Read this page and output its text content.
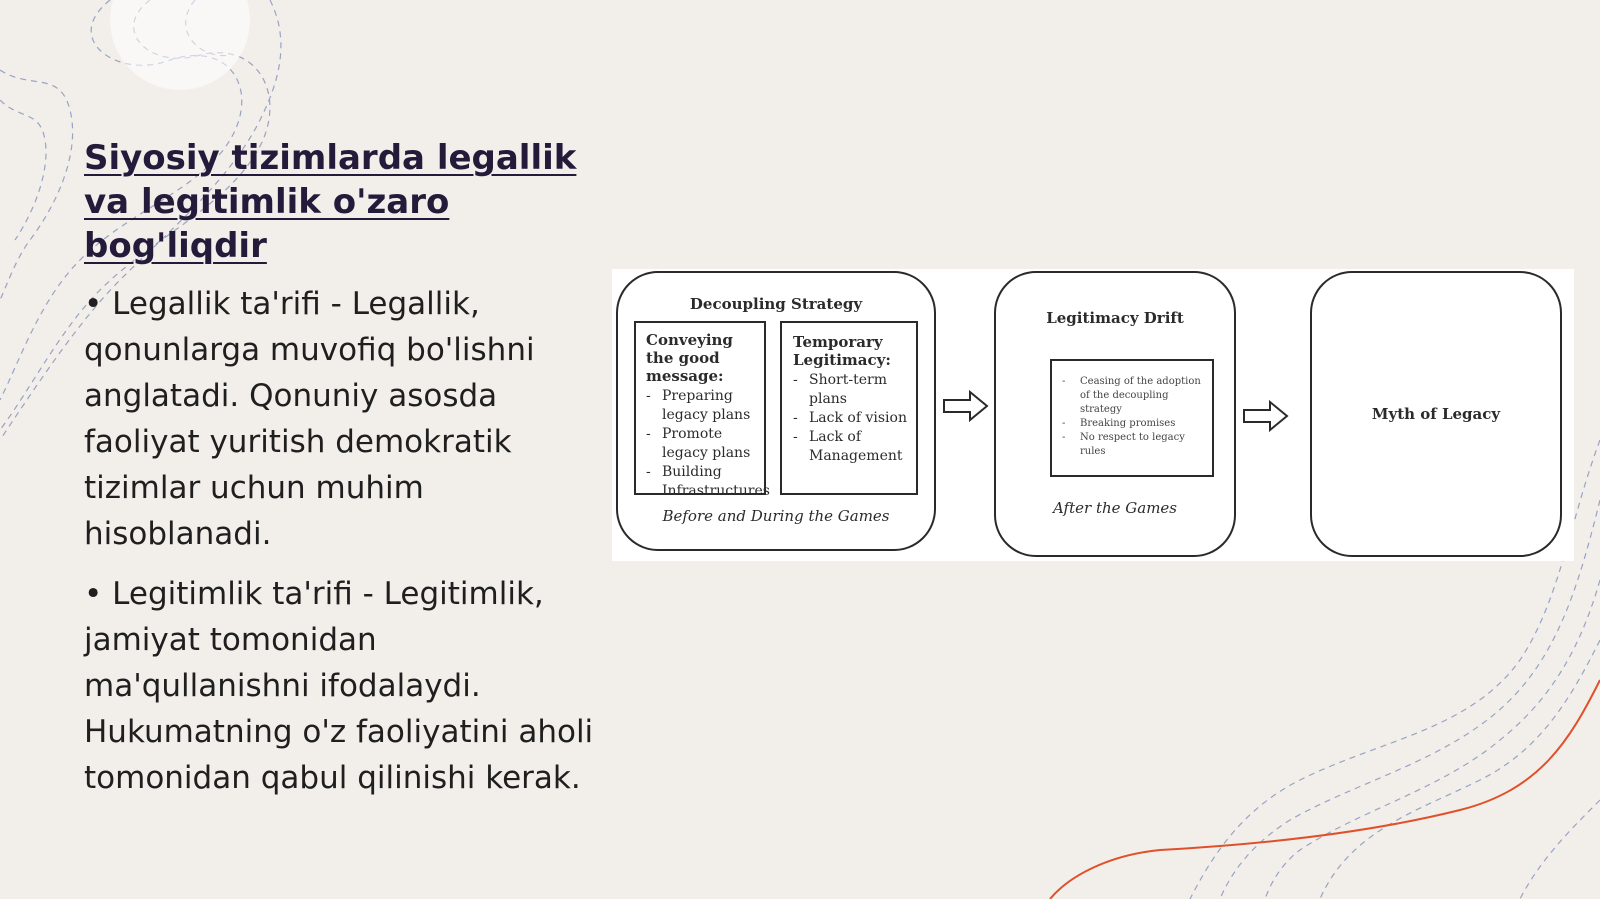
Siyosiy tizimlarda legallik va legitimlik o'zaro bog'liqdir

• Legallik ta'rifi - Legallik, qonunlarga muvofiq bo'lishni anglatadi. Qonuniy asosda faoliyat yuritish demokratik tizimlar uchun muhim hisoblanadi.

• Legitimlik ta'rifi - Legitimlik, jamiyat tomonidan ma'qullanishni ifodalaydi. Hukumatning o'z faoliyatini aholi tomonidan qabul qilinishi kerak.

Decoupling Strategy
Conveying the good message:
- Preparing legacy plans
- Promote legacy plans
- Building Infrastructures
Temporary Legitimacy:
- Short-term plans
- Lack of vision
- Lack of Management
Before and During the Games
Legitimacy Drift
- Ceasing of the adoption of the decoupling strategy
- Breaking promises
- No respect to legacy rules
After the Games
Myth of Legacy
